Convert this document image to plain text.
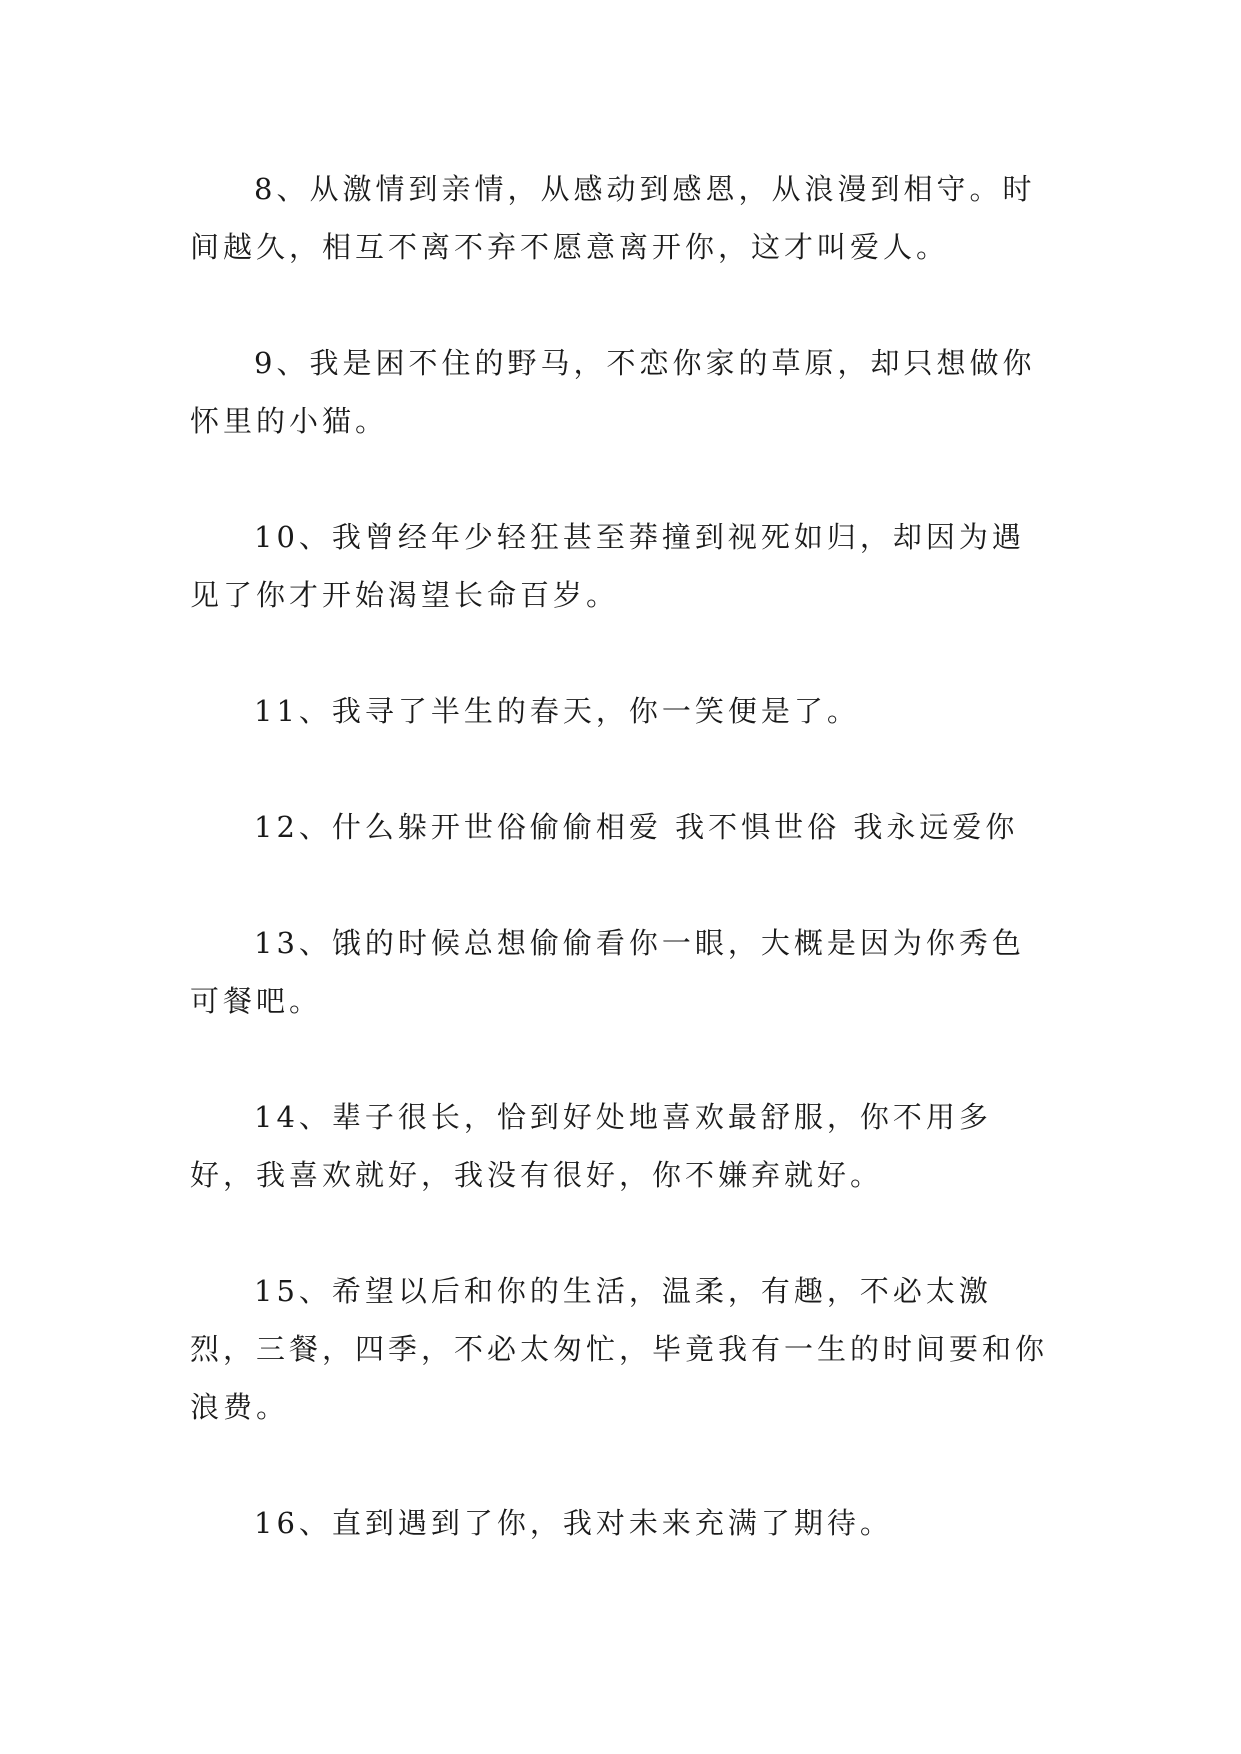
8、从激情到亲情，从感动到感恩，从浪漫到相守。时间越久，相互不离不弃不愿意离开你，这才叫爱人。

9、我是困不住的野马，不恋你家的草原，却只想做你怀里的小猫。

10、我曾经年少轻狂甚至莽撞到视死如归，却因为遇见了你才开始渴望长命百岁。

11、我寻了半生的春天，你一笑便是了。

12、什么躲开世俗偷偷相爱 我不惧世俗 我永远爱你

13、饿的时候总想偷偷看你一眼，大概是因为你秀色可餐吧。

14、辈子很长，恰到好处地喜欢最舒服，你不用多好，我喜欢就好，我没有很好，你不嫌弃就好。

15、希望以后和你的生活，温柔，有趣，不必太激烈，三餐，四季，不必太匆忙，毕竟我有一生的时间要和你浪费。

16、直到遇到了你，我对未来充满了期待。
